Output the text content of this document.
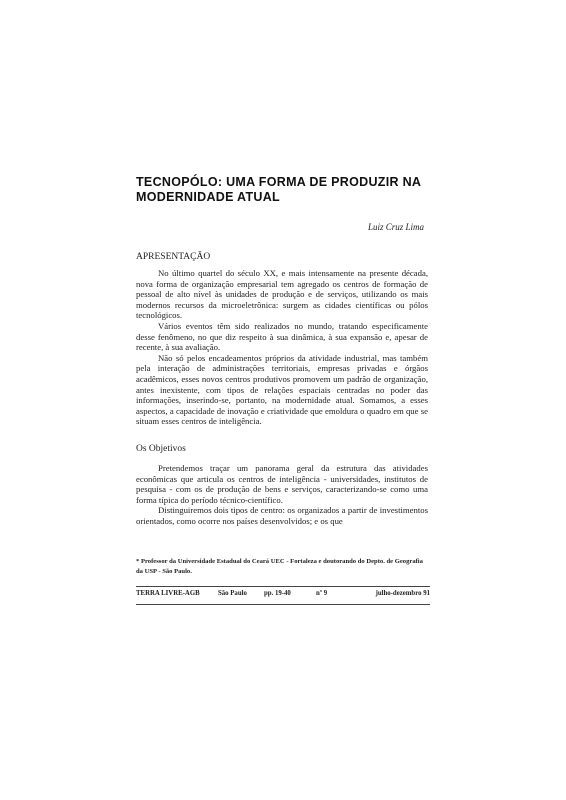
TECNOPÓLO: UMA FORMA DE PRODUZIR NA
MODERNIDADE ATUAL
Luiz Cruz Lima
APRESENTAÇÃO

No último quartel do século XX, e mais intensamente na presente década, nova forma de organização empresarial tem agregado os centros de formação de pessoal de alto nível às unidades de produção e de serviços, utilizando os mais modernos recursos da microeletrônica: surgem as cidades científicas ou pólos tecnológicos.

Vários eventos têm sido realizados no mundo, tratando especificamente desse fenômeno, no que diz respeito à sua dinâmica, à sua expansão e, apesar de recente, à sua avaliação.

Não só pelos encadeamentos próprios da atividade industrial, mas também pela interação de administrações territoriais, empresas privadas e órgãos acadêmicos, esses novos centros produtivos promovem um padrão de organização, antes inexistente, com tipos de relações espaciais centradas no poder das informações, inserindo-se, portanto, na modernidade atual. Somamos, a esses aspectos, a capacidade de inovação e criatividade que emoldura o quadro em que se situam esses centros de inteligência.

Os Objetivos

Pretendemos traçar um panorama geral da estrutura das atividades econômicas que articula os centros de inteligência - universidades, institutos de pesquisa - com os de produção de bens e serviços, caracterizando-se como uma forma típica do período técnico-científico.

Distinguiremos dois tipos de centro: os organizados a partir de investimentos orientados, como ocorre nos países desenvolvidos; e os que

* Professor da Universidade Estadual do Ceará UEC - Fortaleza e doutorando do Depto. de Geografia da USP - São Paulo.
TERRA LIVRE-AGB	São Paulo	pp. 19-40	nº 9	julho-dezembro 91
